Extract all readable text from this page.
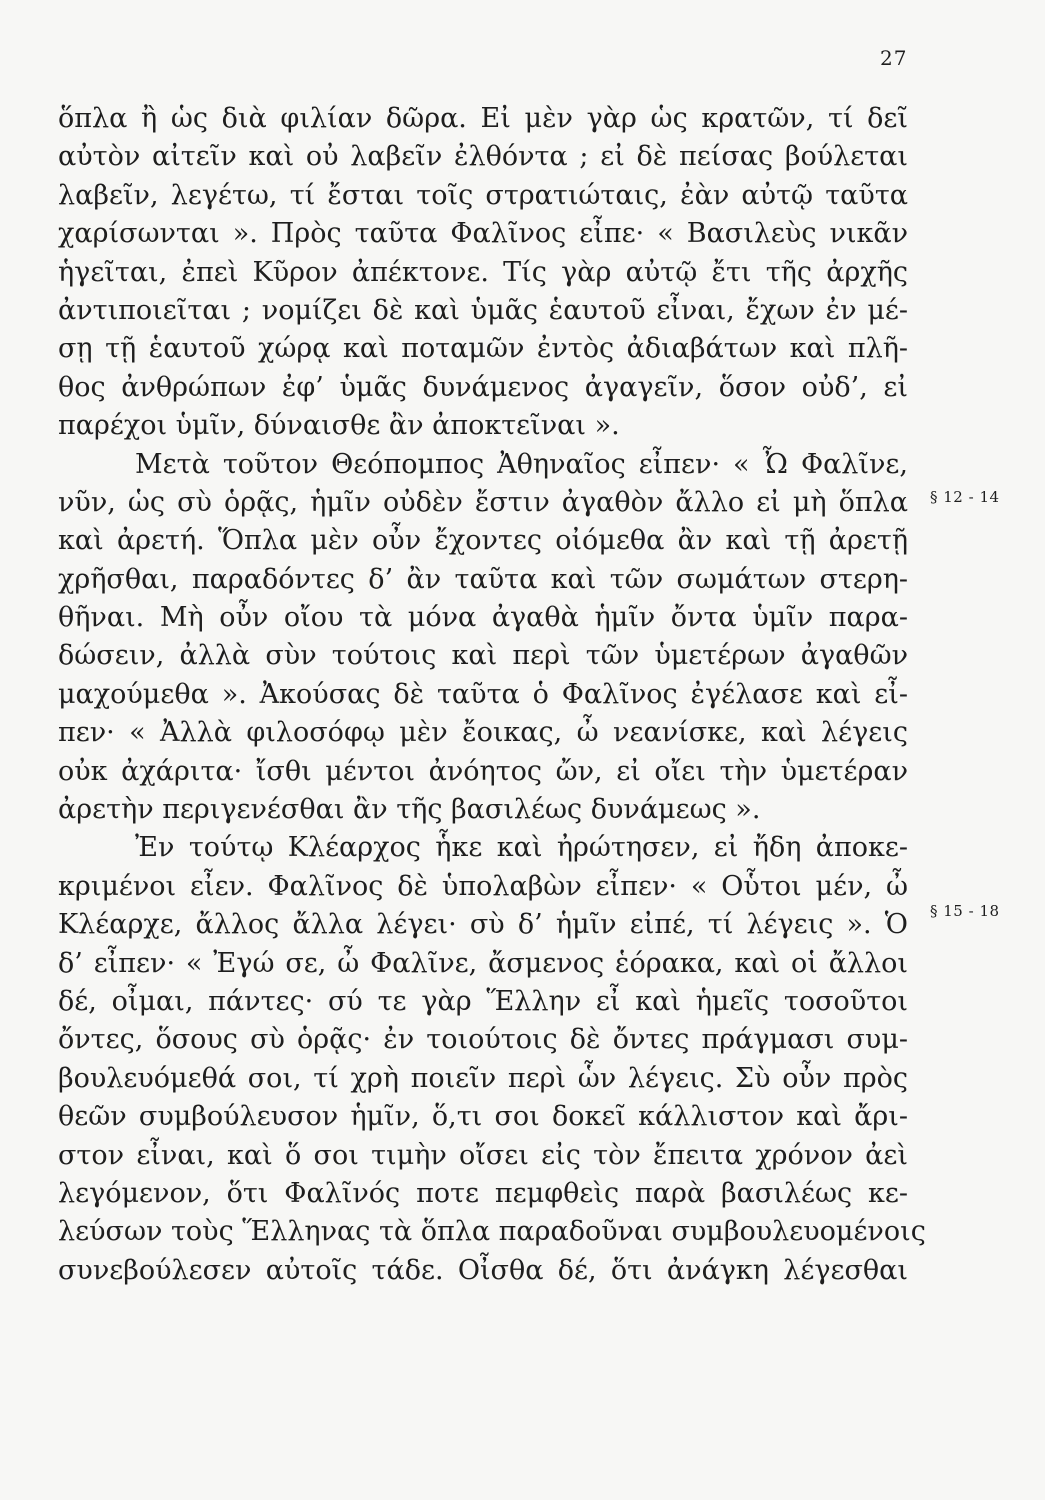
27
ὅπλα ἢ ὡς διὰ φιλίαν δῶρα. Εἰ μὲν γὰρ ὡς κρατῶν, τί δεῖ
αὐτὸν αἰτεῖν καὶ οὐ λαβεῖν ἐλθόντα ; εἰ δὲ πείσας βούλεται
λαβεῖν, λεγέτω, τί ἔσται τοῖς στρατιώταις, ἐὰν αὐτῷ ταῦτα
χαρίσωνται ». Πρὸς ταῦτα Φαλῖνος εἶπε· « Βασιλεὺς νικᾶν
ἡγεῖται, ἐπεὶ Κῦρον ἀπέκτονε. Τίς γὰρ αὐτῷ ἔτι τῆς ἀρχῆς
ἀντιποιεῖται ; νομίζει δὲ καὶ ὑμᾶς ἑαυτοῦ εἶναι, ἔχων ἐν μέ-
σῃ τῇ ἑαυτοῦ χώρᾳ καὶ ποταμῶν ἐντὸς ἀδιαβάτων καὶ πλῆ-
θος ἀνθρώπων ἐφ’ ὑμᾶς δυνάμενος ἀγαγεῖν, ὅσον οὐδ’, εἰ
παρέχοι ὑμῖν, δύναισθε ἂν ἀποκτεῖναι ».
Μετὰ τοῦτον Θεόπομπος Ἀθηναῖος εἶπεν· « Ὦ Φαλῖνε,
νῦν, ὡς σὺ ὁρᾷς, ἡμῖν οὐδὲν ἔστιν ἀγαθὸν ἄλλο εἰ μὴ ὅπλα
καὶ ἀρετή. Ὅπλα μὲν οὖν ἔχοντες οἰόμεθα ἂν καὶ τῇ ἀρετῇ
χρῆσθαι, παραδόντες δ’ ἂν ταῦτα καὶ τῶν σωμάτων στερη-
θῆναι. Μὴ οὖν οἴου τὰ μόνα ἀγαθὰ ἡμῖν ὄντα ὑμῖν παρα-
δώσειν, ἀλλὰ σὺν τούτοις καὶ περὶ τῶν ὑμετέρων ἀγαθῶν
μαχούμεθα ». Ἀκούσας δὲ ταῦτα ὁ Φαλῖνος ἐγέλασε καὶ εἶ-
πεν· « Ἀλλὰ φιλοσόφῳ μὲν ἔοικας, ὦ νεανίσκε, καὶ λέγεις
οὐκ ἀχάριτα· ἴσθι μέντοι ἀνόητος ὤν, εἰ οἴει τὴν ὑμετέραν
ἀρετὴν περιγενέσθαι ἂν τῆς βασιλέως δυνάμεως ».
Ἐν τούτῳ Κλέαρχος ἧκε καὶ ἠρώτησεν, εἰ ἤδη ἀποκε-
κριμένοι εἶεν. Φαλῖνος δὲ ὑπολαβὼν εἶπεν· « Οὗτοι μέν, ὦ
Κλέαρχε, ἄλλος ἄλλα λέγει· σὺ δ’ ἡμῖν εἰπέ, τί λέγεις ». Ὁ
δ’ εἶπεν· « Ἐγώ σε, ὦ Φαλῖνε, ἄσμενος ἑόρακα, καὶ οἱ ἄλλοι
δέ, οἶμαι, πάντες· σύ τε γὰρ Ἕλλην εἶ καὶ ἡμεῖς τοσοῦτοι
ὄντες, ὅσους σὺ ὁρᾷς· ἐν τοιούτοις δὲ ὄντες πράγμασι συμ-
βουλευόμεθά σοι, τί χρὴ ποιεῖν περὶ ὧν λέγεις. Σὺ οὖν πρὸς
θεῶν συμβούλευσον ἡμῖν, ὅ,τι σοι δοκεῖ κάλλιστον καὶ ἄρι-
στον εἶναι, καὶ ὅ σοι τιμὴν οἴσει εἰς τὸν ἔπειτα χρόνον ἀεὶ
λεγόμενον, ὅτι Φαλῖνός ποτε πεμφθεὶς παρὰ βασιλέως κε-
λεύσων τοὺς Ἕλληνας τὰ ὅπλα παραδοῦναι συμβουλευομένοις
συνεβούλεσεν αὐτοῖς τάδε. Οἶσθα δέ, ὅτι ἀνάγκη λέγεσθαι
§ 12 - 14
§ 15 - 18
